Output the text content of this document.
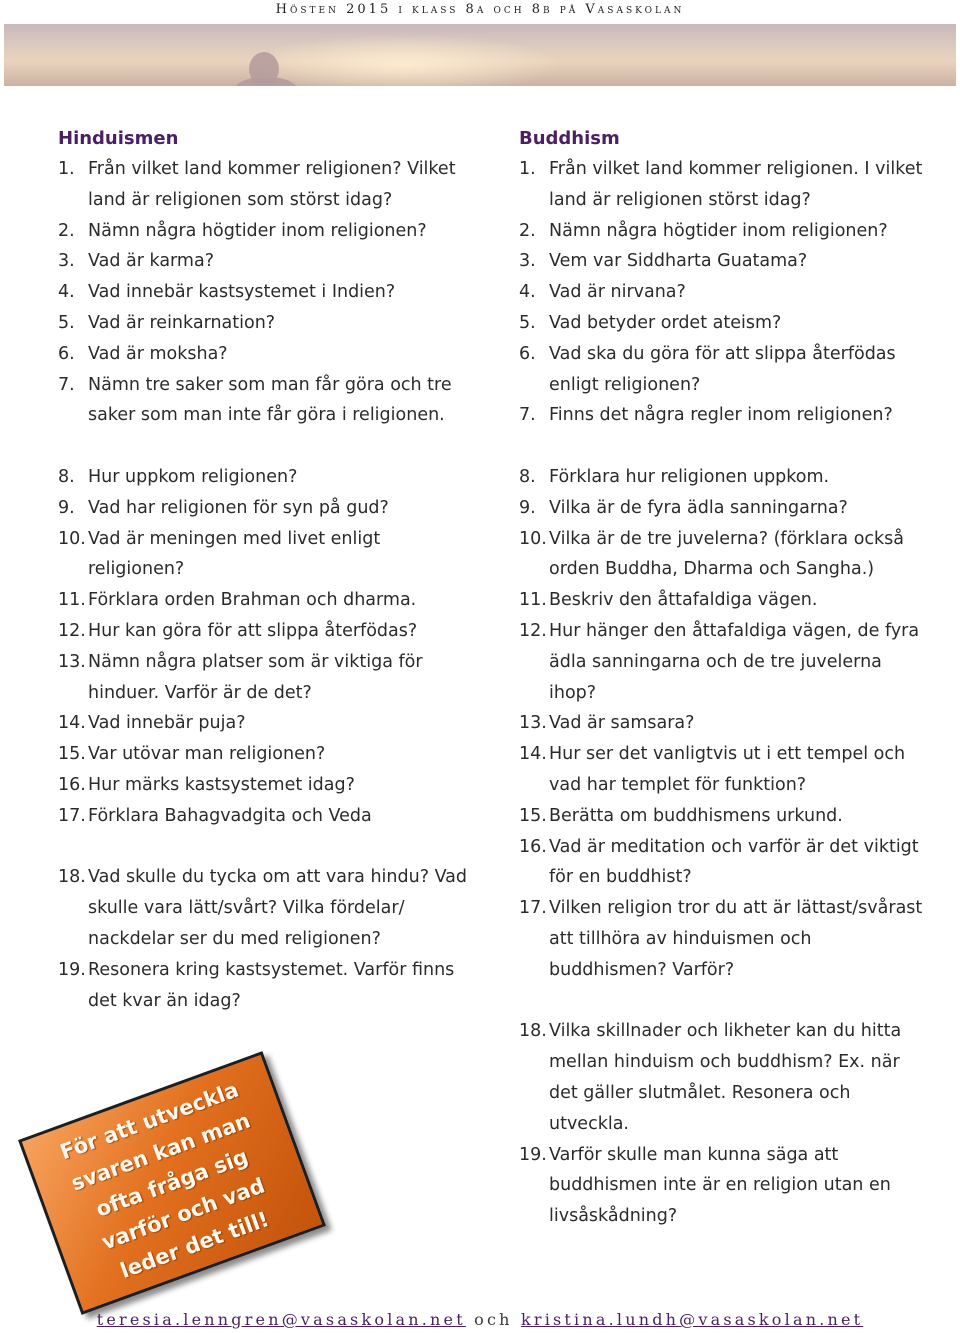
Hösten 2015 i klass 8a och 8b på Vasaskolan
Hinduismen
1. Från vilket land kommer religionen? Vilket land är religionen som störst idag?
2. Nämn några högtider inom religionen?
3. Vad är karma?
4. Vad innebär kastsystemet i Indien?
5. Vad är reinkarnation?
6. Vad är moksha?
7. Nämn tre saker som man får göra och tre saker som man inte får göra i religionen.
8. Hur uppkom religionen?
9. Vad har religionen för syn på gud?
10. Vad är meningen med livet enligt religionen?
11. Förklara orden Brahman och dharma.
12. Hur kan göra för att slippa återfödas?
13. Nämn några platser som är viktiga för hinduer. Varför är de det?
14. Vad innebär puja?
15. Var utövar man religionen?
16. Hur märks kastsystemet idag?
17. Förklara Bahagvadgita och Veda
18. Vad skulle du tycka om att vara hindu? Vad skulle vara lätt/svårt? Vilka fördelar/ nackdelar ser du med religionen?
19. Resonera kring kastsystemet. Varför finns det kvar än idag?
Buddhism
1. Från vilket land kommer religionen. I vilket land är religionen störst idag?
2. Nämn några högtider inom religionen?
3. Vem var Siddharta Guatama?
4. Vad är nirvana?
5. Vad betyder ordet ateism?
6. Vad ska du göra för att slippa återfödas enligt religionen?
7. Finns det några regler inom religionen?
8. Förklara hur religionen uppkom.
9. Vilka är de fyra ädla sanningarna?
10. Vilka är de tre juvelerna? (förklara också orden Buddha, Dharma och Sangha.)
11. Beskriv den åttafaldiga vägen.
12. Hur hänger den åttafaldiga vägen, de fyra ädla sanningarna och de tre juvelerna ihop?
13. Vad är samsara?
14. Hur ser det vanligtvis ut i ett tempel och vad har templet för funktion?
15. Berätta om buddhismens urkund.
16. Vad är meditation och varför är det viktigt för en buddhist?
17. Vilken religion tror du att är lättast/svårast att tillhöra av hinduismen och buddhismen? Varför?
18. Vilka skillnader och likheter kan du hitta mellan hinduism och buddhism? Ex. när det gäller slutmålet. Resonera och utveckla.
19. Varför skulle man kunna säga att buddhismen inte är en religion utan en livsåskådning?
För att utveckla svaren kan man ofta fråga sig varför och vad leder det till!
teresia.lenngren@vasaskolan.net och kristina.lundh@vasaskolan.net
